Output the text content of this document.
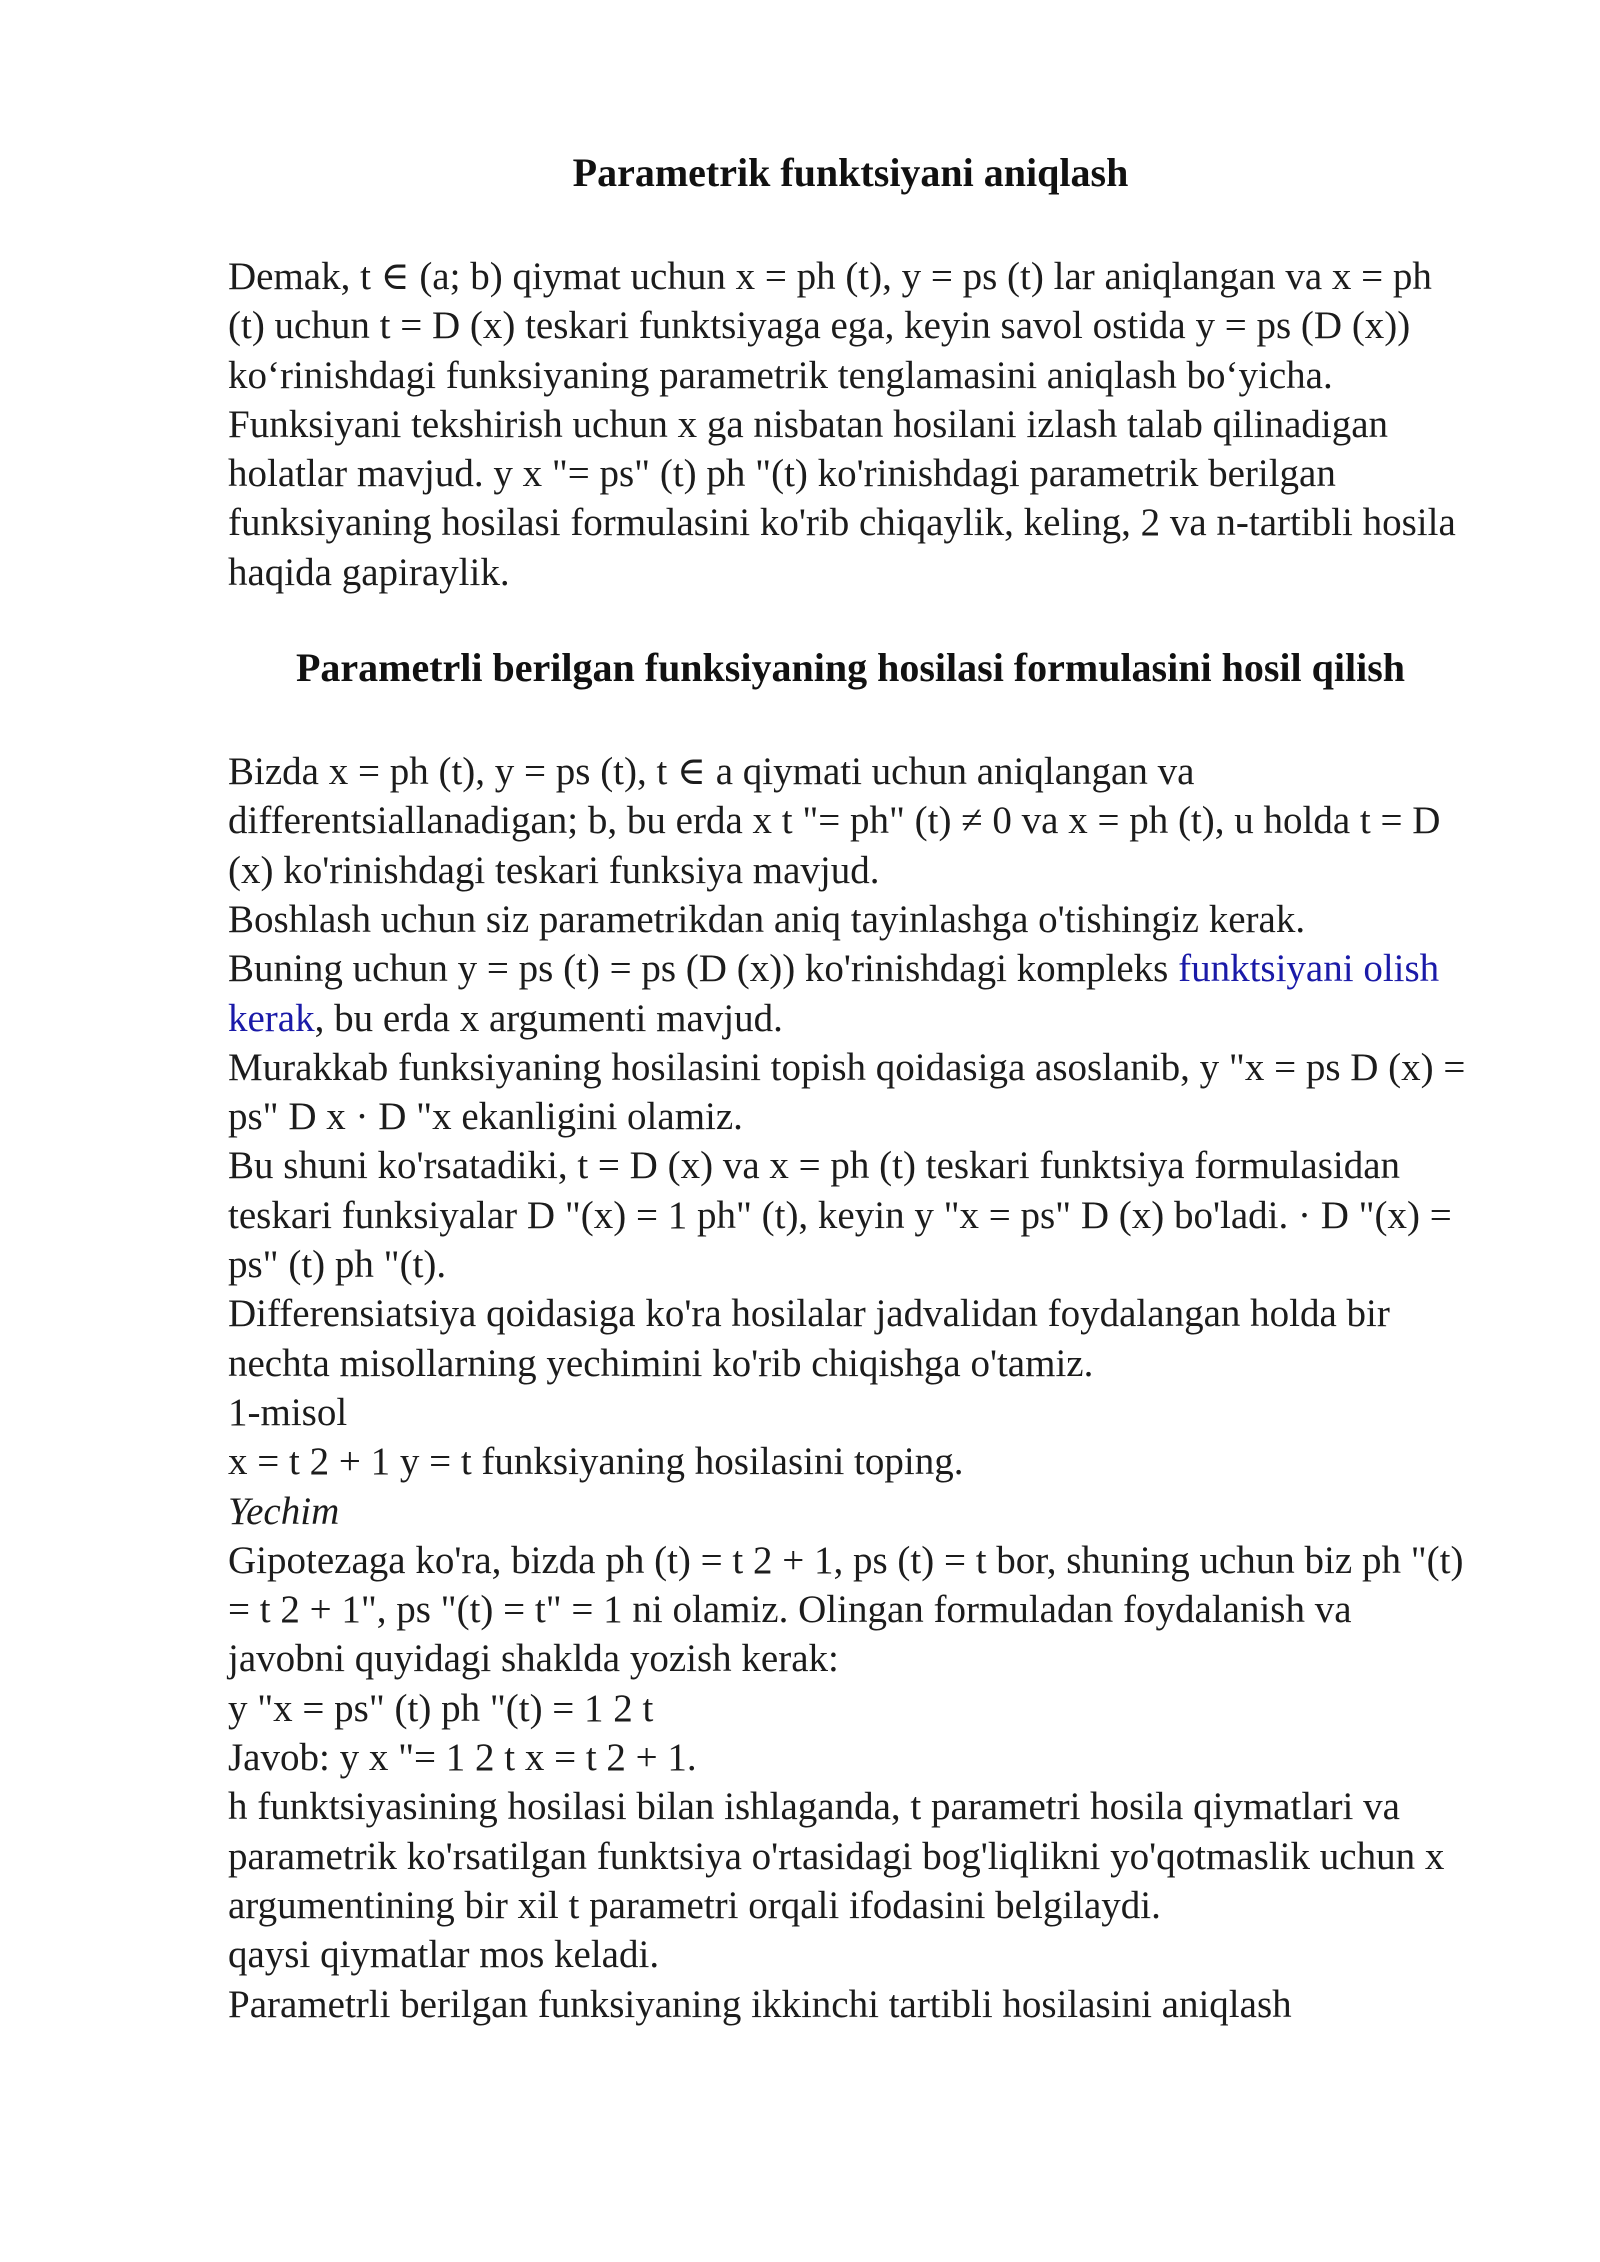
Parametrik funktsiyani aniqlash

Demak, t ∈ (a; b) qiymat uchun x = ph (t), y = ps (t) lar aniqlangan va x = ph (t) uchun t = D (x) teskari funktsiyaga ega, keyin savol ostida y = ps (D (x)) koʻrinishdagi funksiyaning parametrik tenglamasini aniqlash boʻyicha.

Funksiyani tekshirish uchun x ga nisbatan hosilani izlash talab qilinadigan holatlar mavjud. y x "= ps" (t) ph "(t) ko'rinishdagi parametrik berilgan funksiyaning hosilasi formulasini ko'rib chiqaylik, keling, 2 va n-tartibli hosila haqida gapiraylik.

Parametrli berilgan funksiyaning hosilasi formulasini hosil qilish

Bizda x = ph (t), y = ps (t), t ∈ a qiymati uchun aniqlangan va differentsiallanadigan; b, bu erda x t "= ph" (t) ≠ 0 va x = ph (t), u holda t = D (x) ko'rinishdagi teskari funksiya mavjud.

Boshlash uchun siz parametrikdan aniq tayinlashga o'tishingiz kerak.

Buning uchun y = ps (t) = ps (D (x)) ko'rinishdagi kompleks funktsiyani olish kerak, bu erda x argumenti mavjud.

Murakkab funksiyaning hosilasini topish qoidasiga asoslanib, y "x = ps D (x) = ps" D x · D "x ekanligini olamiz.

Bu shuni ko'rsatadiki, t = D (x) va x = ph (t) teskari funktsiya formulasidan teskari funksiyalar D "(x) = 1 ph" (t), keyin y "x = ps" D (x) bo'ladi. · D "(x) = ps" (t) ph "(t).

Differensiatsiya qoidasiga ko'ra hosilalar jadvalidan foydalangan holda bir nechta misollarning yechimini ko'rib chiqishga o'tamiz.

1-misol

x = t 2 + 1 y = t funksiyaning hosilasini toping.

Yechim

Gipotezaga ko'ra, bizda ph (t) = t 2 + 1, ps (t) = t bor, shuning uchun biz ph "(t) = t 2 + 1", ps "(t) = t" = 1 ni olamiz. Olingan formuladan foydalanish va javobni quyidagi shaklda yozish kerak:

y "x = ps" (t) ph "(t) = 1 2 t

Javob: y x "= 1 2 t x = t 2 + 1.

h funktsiyasining hosilasi bilan ishlaganda, t parametri hosila qiymatlari va parametrik ko'rsatilgan funktsiya o'rtasidagi bog'liqlikni yo'qotmaslik uchun x argumentining bir xil t parametri orqali ifodasini belgilaydi.

qaysi qiymatlar mos keladi.

Parametrli berilgan funksiyaning ikkinchi tartibli hosilasini aniqlash
